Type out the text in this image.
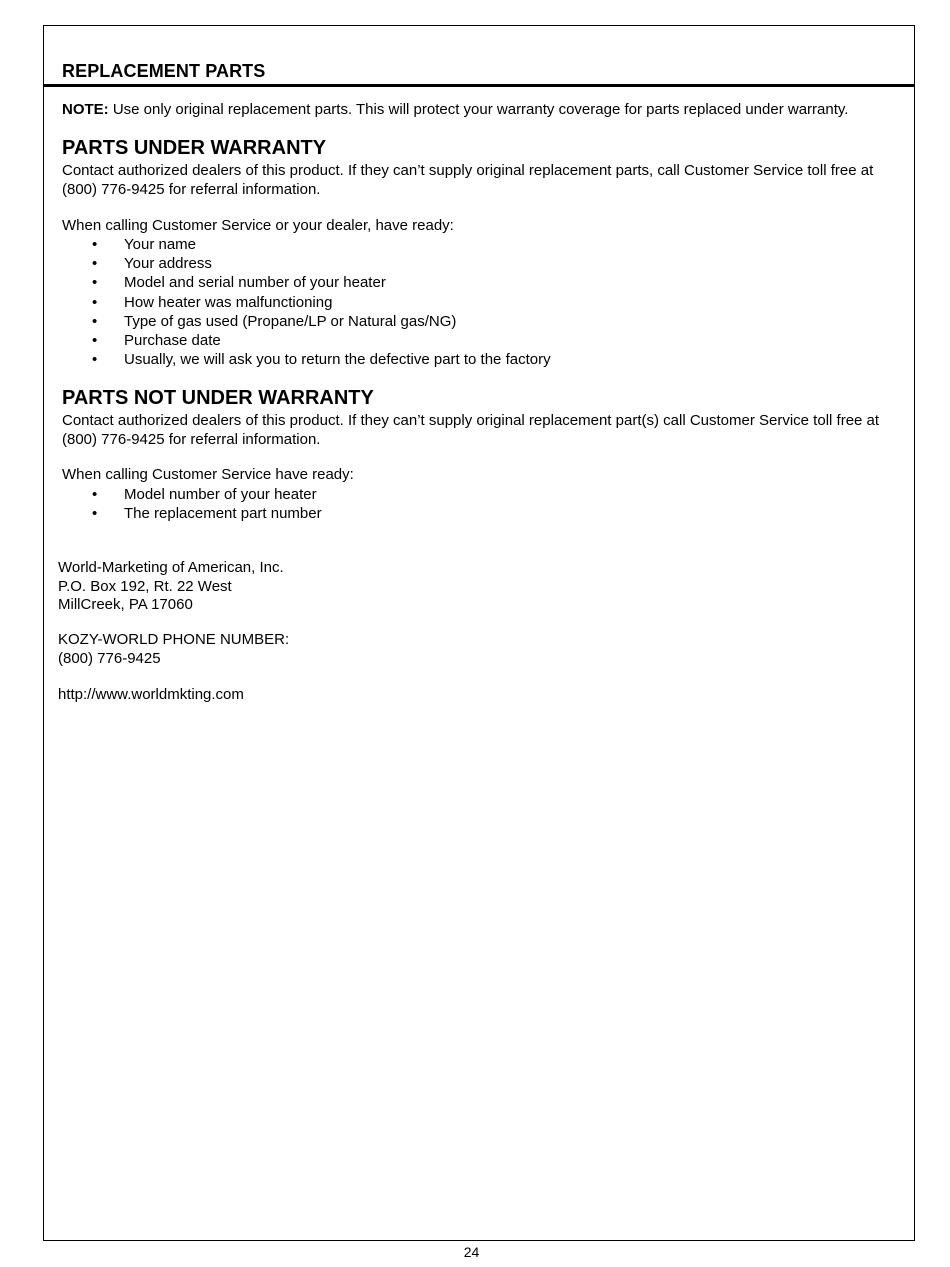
REPLACEMENT PARTS

NOTE: Use only original replacement parts. This will protect your warranty coverage for parts replaced under warranty.

PARTS UNDER WARRANTY

Contact authorized dealers of this product. If they can’t supply original replacement parts, call Customer Service toll free at (800) 776-9425 for referral information.

When calling Customer Service or your dealer, have ready:

• Your name
• Your address
• Model and serial number of your heater
• How heater was malfunctioning
• Type of gas used (Propane/LP or Natural gas/NG)
• Purchase date
• Usually, we will ask you to return the defective part to the factory
PARTS NOT UNDER WARRANTY

Contact authorized dealers of this product. If they can’t supply original replacement part(s) call Customer Service toll free at (800) 776-9425 for referral information.

When calling Customer Service have ready:

• Model number of your heater
• The replacement part number
World-Marketing of American, Inc.
P.O. Box 192, Rt. 22 West
MillCreek, PA 17060
KOZY-WORLD PHONE NUMBER:
(800) 776-9425
http://www.worldmkting.com
24
